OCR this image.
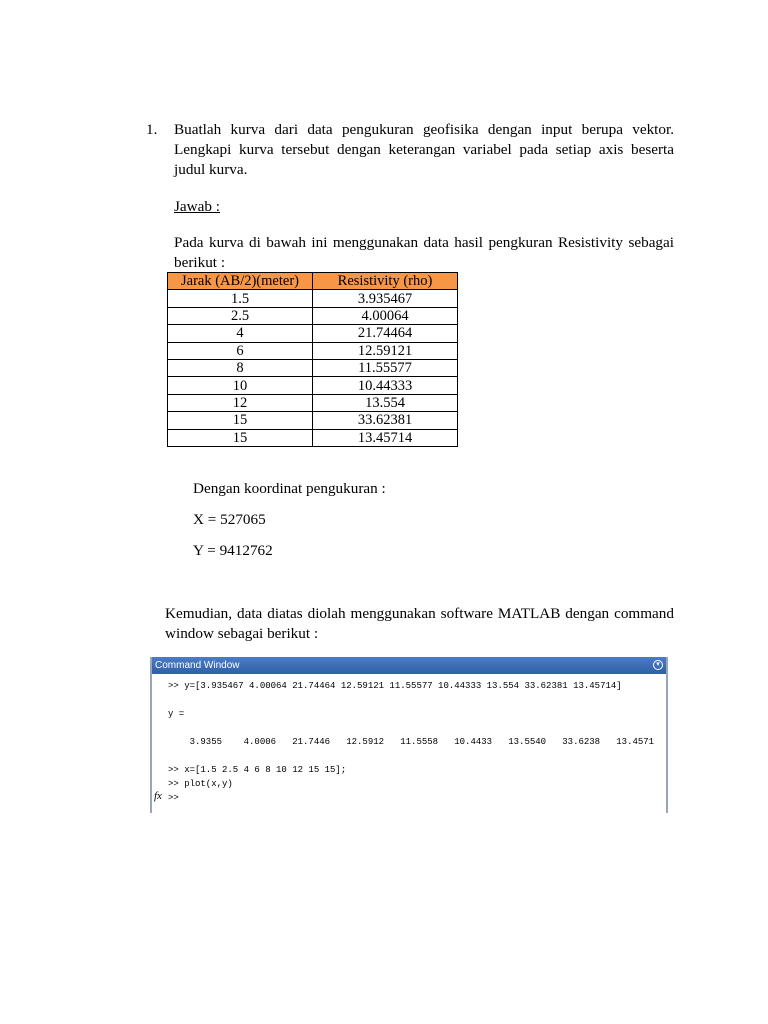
1. Buatlah kurva dari data pengukuran geofisika dengan input berupa vektor. Lengkapi kurva tersebut dengan keterangan variabel pada setiap axis beserta judul kurva.
Jawab :
Pada kurva di bawah ini menggunakan data hasil pengkuran Resistivity sebagai berikut :
Jarak (AB/2)(meter)	Resistivity (rho)
1.5	3.935467
2.5	4.00064
4	21.74464
6	12.59121
8	11.55577
10	10.44333
12	13.554
15	33.62381
15	13.45714
Dengan koordinat pengukuran :
X = 527065
Y = 9412762
Kemudian, data diatas diolah menggunakan software MATLAB dengan command window sebagai berikut :
Command Window	▾
>> y=[3.935467 4.00064 21.74464 12.59121 11.55577 10.44333 13.554 33.62381 13.45714]
y =
3.9355    4.0006   21.7446   12.5912   11.5558   10.4433   13.5540   33.6238   13.4571
>> x=[1.5 2.5 4 6 8 10 12 15 15];
>> plot(x,y)
>>
fx
